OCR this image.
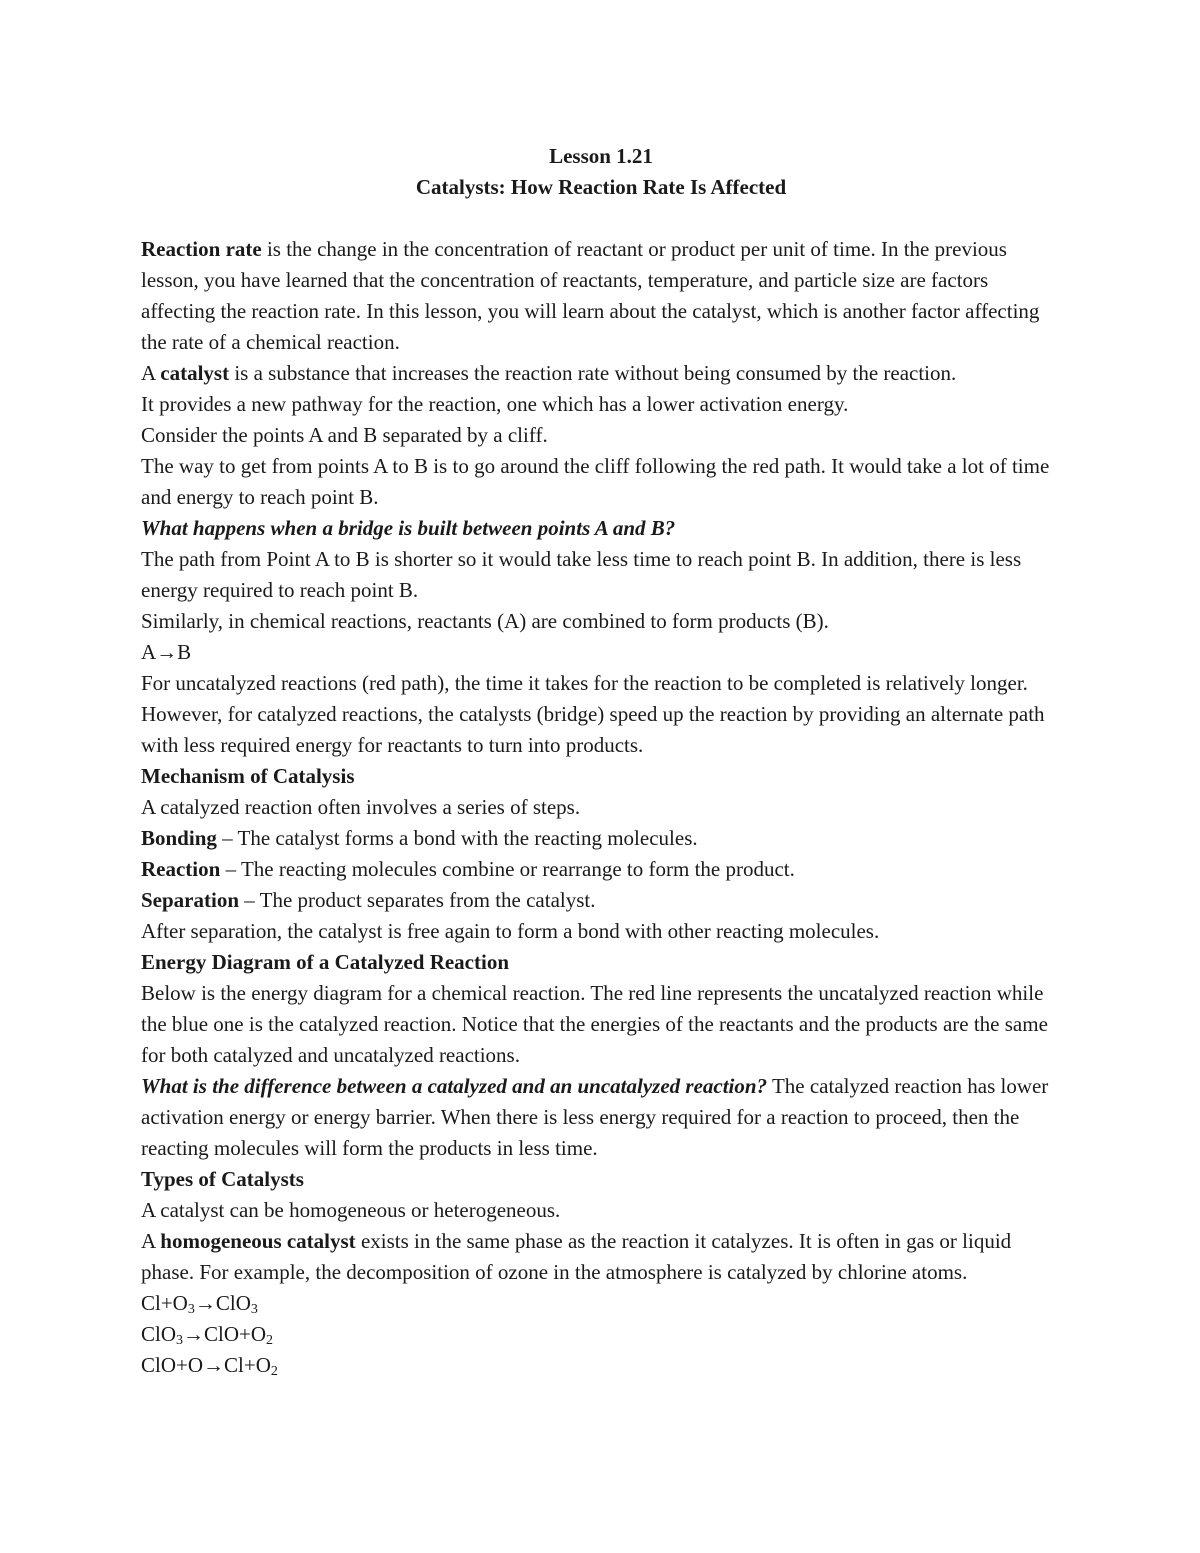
Lesson 1.21

Catalysts: How Reaction Rate Is Affected

Reaction rate is the change in the concentration of reactant or product per unit of time. In the previous lesson, you have learned that the concentration of reactants, temperature, and particle size are factors affecting the reaction rate. In this lesson, you will learn about the catalyst, which is another factor affecting the rate of a chemical reaction.

A catalyst is a substance that increases the reaction rate without being consumed by the reaction.

It provides a new pathway for the reaction, one which has a lower activation energy.

Consider the points A and B separated by a cliff.

The way to get from points A to B is to go around the cliff following the red path. It would take a lot of time and energy to reach point B.

What happens when a bridge is built between points A and B?

The path from Point A to B is shorter so it would take less time to reach point B. In addition, there is less energy required to reach point B.

Similarly, in chemical reactions, reactants (A) are combined to form products (B).

A→B

For uncatalyzed reactions (red path), the time it takes for the reaction to be completed is relatively longer. However, for catalyzed reactions, the catalysts (bridge) speed up the reaction by providing an alternate path with less required energy for reactants to turn into products.

Mechanism of Catalysis

A catalyzed reaction often involves a series of steps.

Bonding – The catalyst forms a bond with the reacting molecules.

Reaction – The reacting molecules combine or rearrange to form the product.

Separation – The product separates from the catalyst.

After separation, the catalyst is free again to form a bond with other reacting molecules.

Energy Diagram of a Catalyzed Reaction

Below is the energy diagram for a chemical reaction. The red line represents the uncatalyzed reaction while the blue one is the catalyzed reaction. Notice that the energies of the reactants and the products are the same for both catalyzed and uncatalyzed reactions.

What is the difference between a catalyzed and an uncatalyzed reaction? The catalyzed reaction has lower activation energy or energy barrier. When there is less energy required for a reaction to proceed, then the reacting molecules will form the products in less time.

Types of Catalysts

A catalyst can be homogeneous or heterogeneous.

A homogeneous catalyst exists in the same phase as the reaction it catalyzes. It is often in gas or liquid phase. For example, the decomposition of ozone in the atmosphere is catalyzed by chlorine atoms.

$Cl+O_3\to ClO_3$

$ClO_3\to ClO+O_2$

$ClO+O\to Cl+O_2$
